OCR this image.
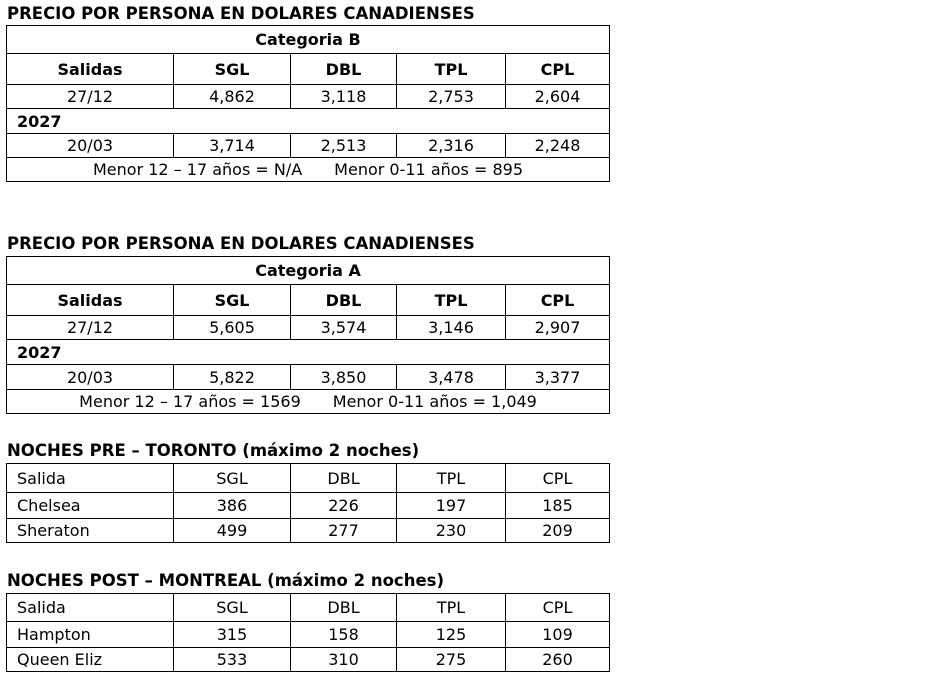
PRECIO POR PERSONA EN DOLARES CANADIENSES
Categoria B				
Salidas	SGL	DBL	TPL	CPL
27/12	4,862	3,118	2,753	2,604
2027				
20/03	3,714	2,513	2,316	2,248
Menor 12 – 17 años = N/A Menor 0-11 años = 895				
PRECIO POR PERSONA EN DOLARES CANADIENSES
Categoria A				
Salidas	SGL	DBL	TPL	CPL
27/12	5,605	3,574	3,146	2,907
2027				
20/03	5,822	3,850	3,478	3,377
Menor 12 – 17 años = 1569 Menor 0-11 años = 1,049				
NOCHES PRE – TORONTO (máximo 2 noches)
Salida	SGL	DBL	TPL	CPL
Chelsea	386	226	197	185
Sheraton	499	277	230	209
NOCHES POST – MONTREAL (máximo 2 noches)
Salida	SGL	DBL	TPL	CPL
Hampton	315	158	125	109
Queen Eliz	533	310	275	260
